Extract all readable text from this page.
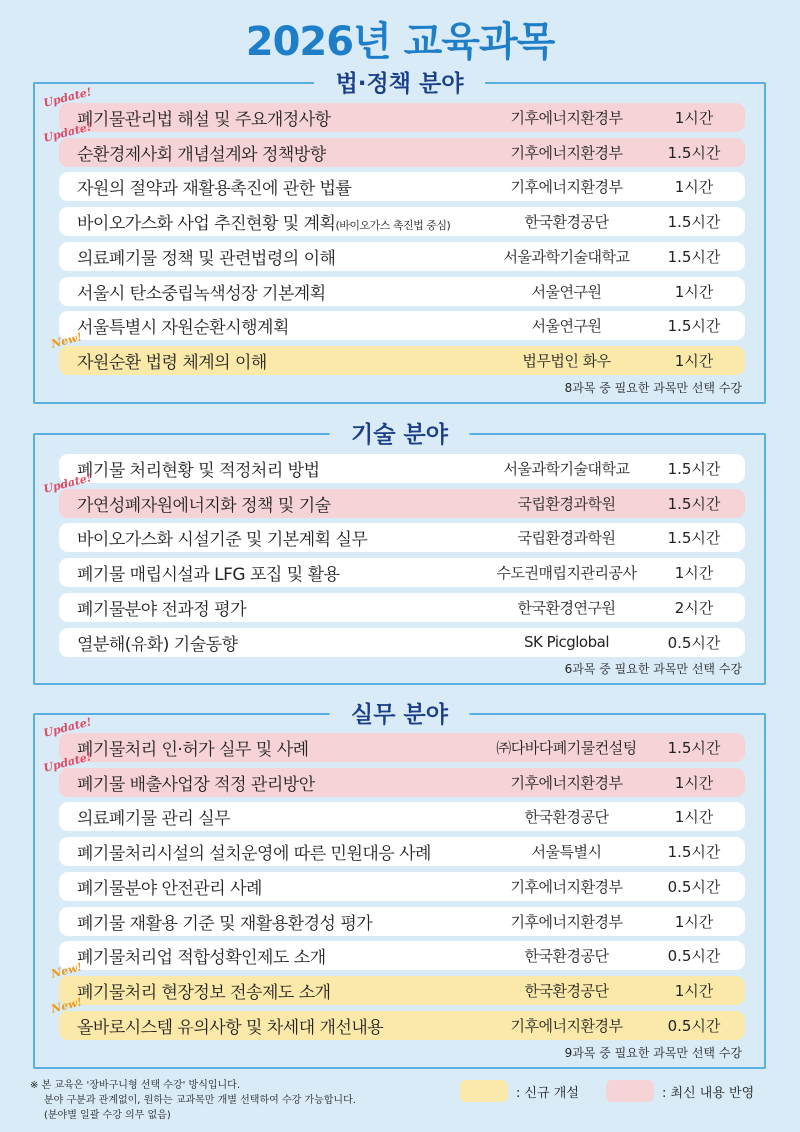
2026년 교육과목
법·정책 분야
Update!
폐기물관리법 해설 및 주요개정사항	기후에너지환경부	1시간
Update!
순환경제사회 개념설계와 정책방향	기후에너지환경부	1.5시간
자원의 절약과 재활용촉진에 관한 법률	기후에너지환경부	1시간
바이오가스화 사업 추진현황 및 계획(바이오가스 촉진법 중심)	한국환경공단	1.5시간
의료폐기물 정책 및 관련법령의 이해	서울과학기술대학교	1.5시간
서울시 탄소중립녹색성장 기본계획	서울연구원	1시간
서울특별시 자원순환시행계획	서울연구원	1.5시간
New!
자원순환 법령 체계의 이해	법무법인 화우	1시간
8과목 중 필요한 과목만 선택 수강
기술 분야
폐기물 처리현황 및 적정처리 방법	서울과학기술대학교	1.5시간
Update!
가연성폐자원에너지화 정책 및 기술	국립환경과학원	1.5시간
바이오가스화 시설기준 및 기본계획 실무	국립환경과학원	1.5시간
폐기물 매립시설과 LFG 포집 및 활용	수도권매립지관리공사	1시간
폐기물분야 전과정 평가	한국환경연구원	2시간
열분해(유화) 기술동향	SK Picglobal	0.5시간
6과목 중 필요한 과목만 선택 수강
실무 분야
Update!
폐기물처리 인·허가 실무 및 사례	㈜다바다폐기물컨설팅	1.5시간
Update!
폐기물 배출사업장 적정 관리방안	기후에너지환경부	1시간
의료폐기물 관리 실무	한국환경공단	1시간
폐기물처리시설의 설치운영에 따른 민원대응 사례	서울특별시	1.5시간
폐기물분야 안전관리 사례	기후에너지환경부	0.5시간
폐기물 재활용 기준 및 재활용환경성 평가	기후에너지환경부	1시간
폐기물처리업 적합성확인제도 소개	한국환경공단	0.5시간
New!
폐기물처리 현장정보 전송제도 소개	한국환경공단	1시간
New!
올바로시스템 유의사항 및 차세대 개선내용	기후에너지환경부	0.5시간
9과목 중 필요한 과목만 선택 수강
※ 본 교육은 '장바구니형 선택 수강' 방식입니다.
분야 구분과 관계없이, 원하는 교과목만 개별 선택하여 수강 가능합니다.
(분야별 일괄 수강 의무 없음)
: 신규 개설	: 최신 내용 반영
